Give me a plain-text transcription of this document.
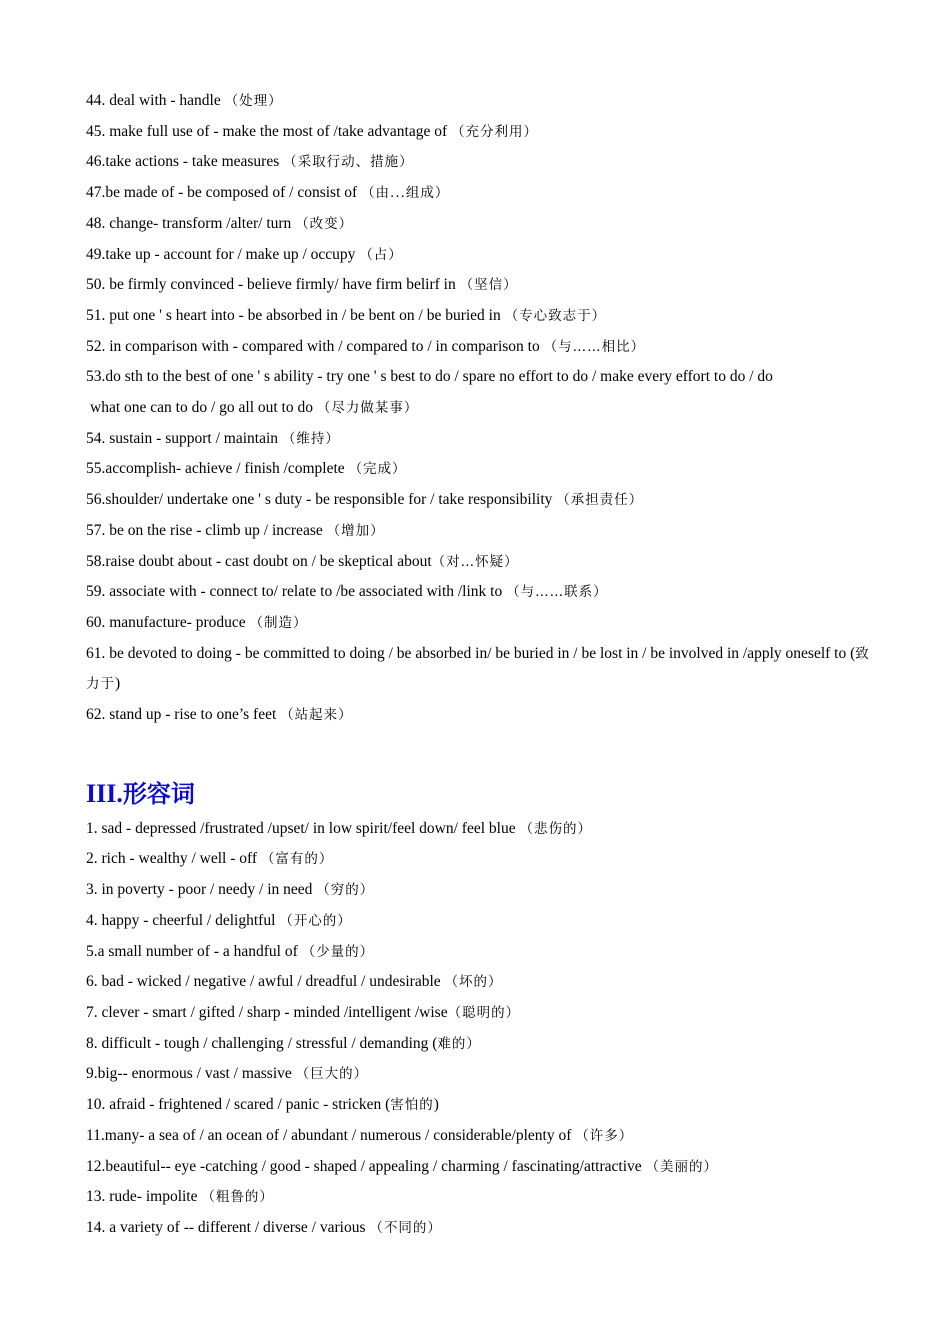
44. deal with - handle （处理）
45. make full use of - make the most of /take advantage of （充分利用）
46.take actions - take measures （采取行动、措施）
47.be made of - be composed of / consist of （由...组成）
48. change- transform /alter/ turn （改变）
49.take up - account for / make up / occupy （占）
50. be firmly convinced - believe firmly/ have firm belirf in （坚信）
51. put one ' s heart into - be absorbed in / be bent on / be buried in （专心致志于）
52. in comparison with - compared with / compared to / in comparison to （与……相比）
53.do sth to the best of one ' s ability - try one ' s best to do / spare no effort to do / make every effort to do / do
what one can to do / go all out to do （尽力做某事）
54. sustain - support / maintain （维持）
55.accomplish- achieve / finish /complete （完成）
56.shoulder/ undertake one ' s duty - be responsible for / take responsibility （承担责任）
57. be on the rise - climb up / increase （增加）
58.raise doubt about - cast doubt on / be skeptical about（对…怀疑）
59. associate with - connect to/ relate to /be associated with /link to （与……联系）
60. manufacture- produce （制造）
61. be devoted to doing - be committed to doing / be absorbed in/ be buried in / be lost in / be involved in /apply oneself to (致力于)
62. stand up - rise to one’s feet （站起来）
III.形容词
1. sad - depressed /frustrated /upset/ in low spirit/feel down/ feel blue （悲伤的）
2. rich - wealthy / well - off （富有的）
3. in poverty - poor / needy / in need （穷的）
4. happy - cheerful / delightful （开心的）
5.a small number of - a handful of （少量的）
6. bad - wicked / negative / awful / dreadful / undesirable （坏的）
7. clever - smart / gifted / sharp - minded /intelligent /wise（聪明的）
8. difficult - tough / challenging / stressful / demanding (难的）
9.big-- enormous / vast / massive （巨大的）
10. afraid - frightened / scared / panic - stricken (害怕的)
11.many- a sea of / an ocean of / abundant / numerous / considerable/plenty of （许多）
12.beautiful-- eye -catching / good - shaped / appealing / charming / fascinating/attractive （美丽的）
13. rude- impolite （粗鲁的）
14. a variety of -- different / diverse / various （不同的）
